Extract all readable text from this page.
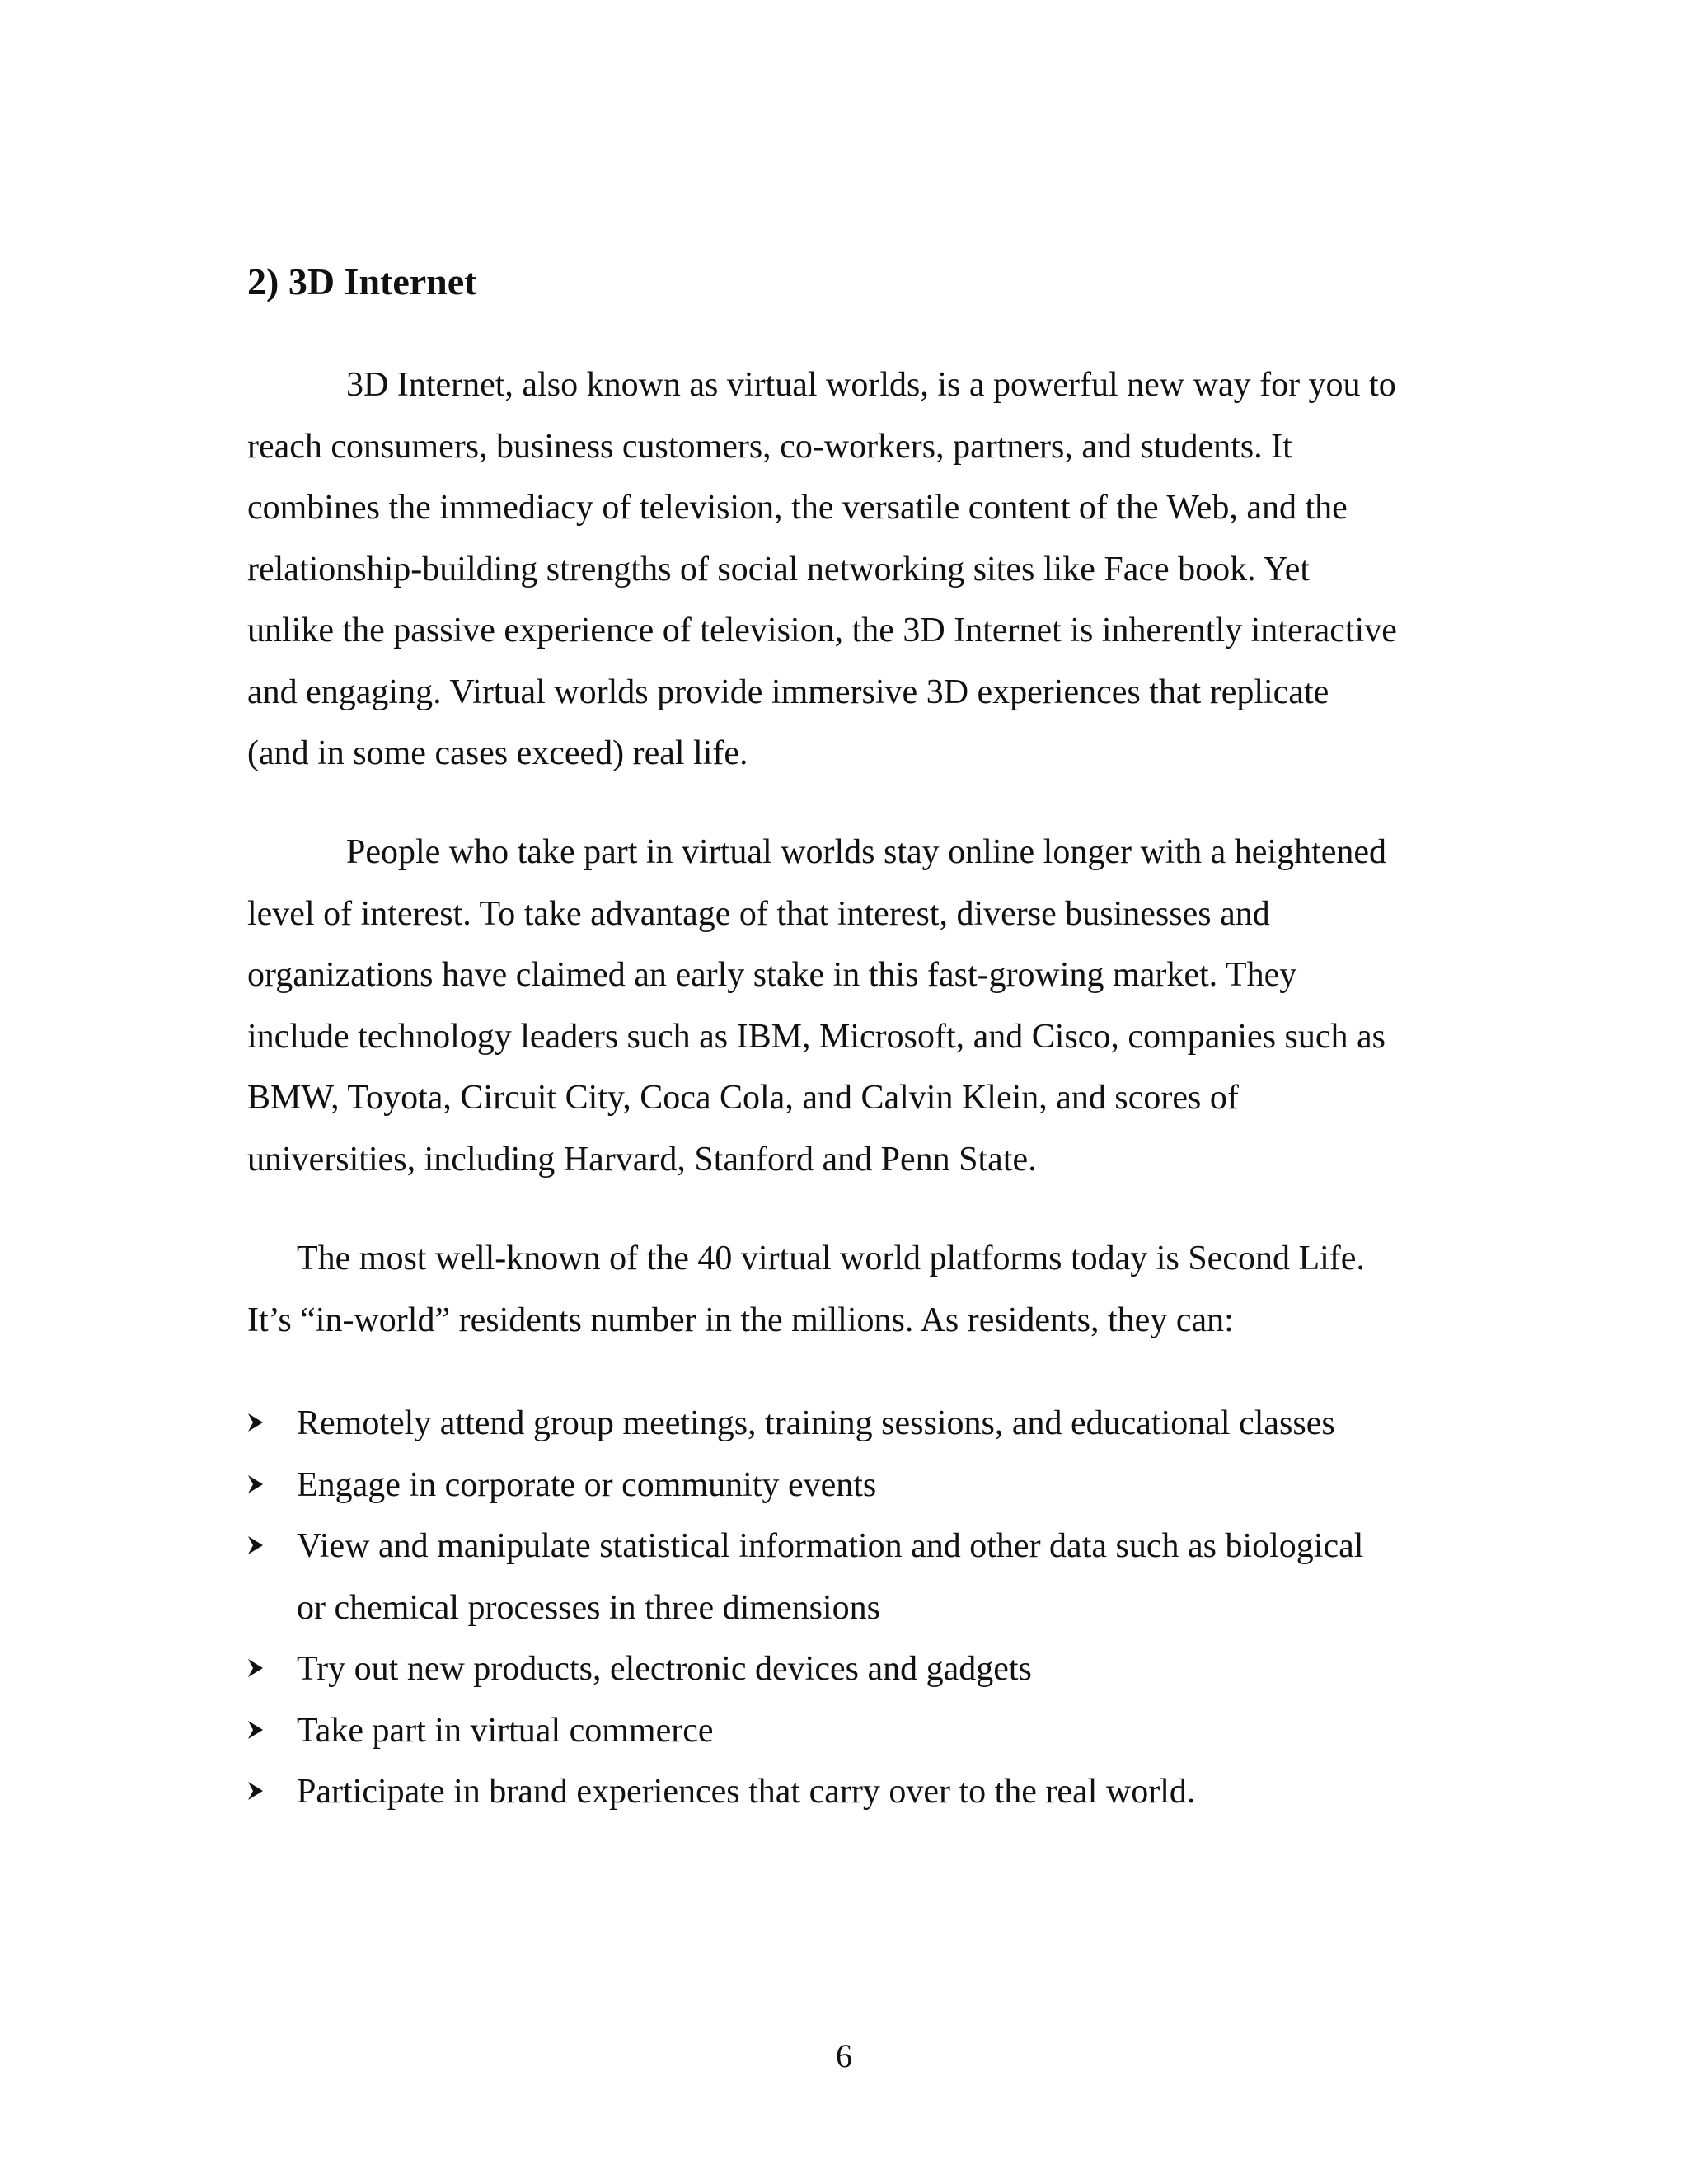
2) 3D Internet

3D Internet, also known as virtual worlds, is a powerful new way for you to
reach consumers, business customers, co-workers, partners, and students. It
combines the immediacy of television, the versatile content of the Web, and the
relationship-building strengths of social networking sites like Face book. Yet
unlike the passive experience of television, the 3D Internet is inherently interactive
and engaging. Virtual worlds provide immersive 3D experiences that replicate
(and in some cases exceed) real life.

People who take part in virtual worlds stay online longer with a heightened
level of interest. To take advantage of that interest, diverse businesses and
organizations have claimed an early stake in this fast-growing market. They
include technology leaders such as IBM, Microsoft, and Cisco, companies such as
BMW, Toyota, Circuit City, Coca Cola, and Calvin Klein, and scores of
universities, including Harvard, Stanford and Penn State.

The most well-known of the 40 virtual world platforms today is Second Life.
It’s “in-world” residents number in the millions. As residents, they can:

Remotely attend group meetings, training sessions, and educational classes
Engage in corporate or community events
View and manipulate statistical information and other data such as biological
or chemical processes in three dimensions
Try out new products, electronic devices and gadgets
Take part in virtual commerce
Participate in brand experiences that carry over to the real world.
6
